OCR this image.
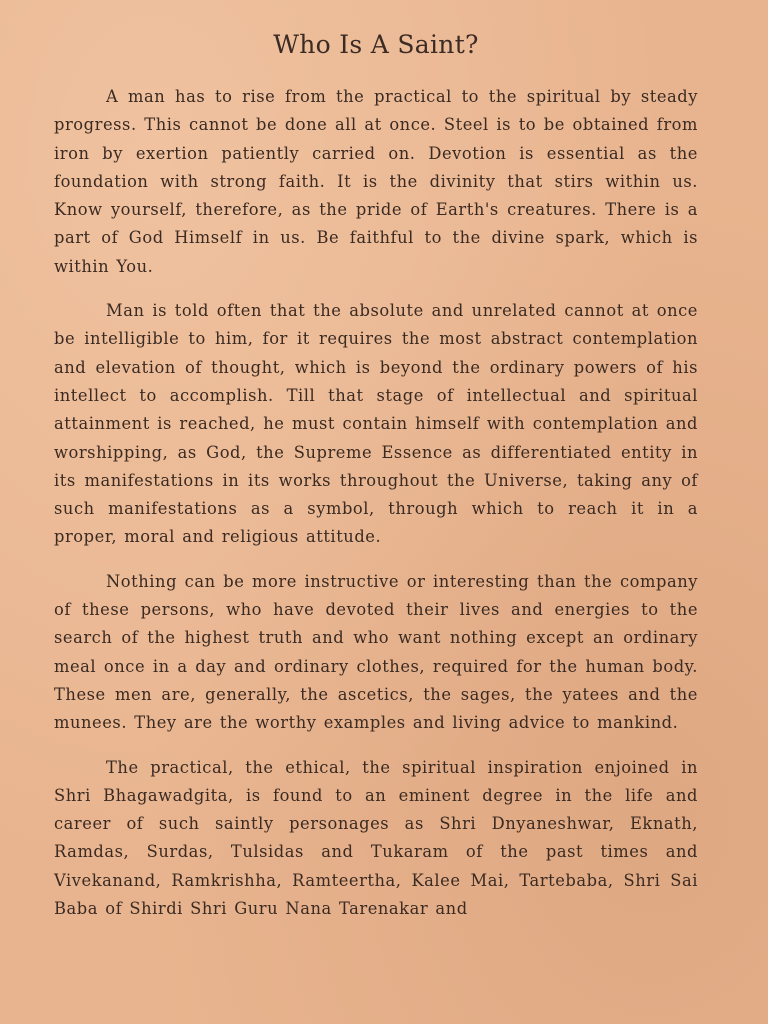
Who Is A Saint?

A man has to rise from the practical to the spiritual by steady progress. This cannot be done all at once. Steel is to be obtained from iron by exertion patiently carried on. Devotion is essential as the foundation with strong faith. It is the divinity that stirs within us. Know yourself, therefore, as the pride of Earth's creatures. There is a part of God Himself in us. Be faithful to the divine spark, which is within You.

Man is told often that the absolute and unrelated cannot at once be intelligible to him, for it requires the most abstract contemplation and elevation of thought, which is beyond the ordinary powers of his intellect to accomplish. Till that stage of intellectual and spiritual attainment is reached, he must contain himself with contemplation and worshipping, as God, the Supreme Essence as differentiated entity in its manifestations in its works throughout the Universe, taking any of such manifestations as a symbol, through which to reach it in a proper, moral and religious attitude.

Nothing can be more instructive or interesting than the company of these persons, who have devoted their lives and energies to the search of the highest truth and who want nothing except an ordinary meal once in a day and ordinary clothes, required for the human body. These men are, generally, the ascetics, the sages, the yatees and the munees. They are the worthy examples and living advice to mankind.

The practical, the ethical, the spiritual inspiration enjoined in Shri Bhagawadgita, is found to an eminent degree in the life and career of such saintly personages as Shri Dnyaneshwar, Eknath, Ramdas, Surdas, Tulsidas and Tukaram of the past times and Vivekanand, Ramkrishha, Ramteertha, Kalee Mai, Tartebaba, Shri Sai Baba of Shirdi Shri Guru Nana Tarenakar and
